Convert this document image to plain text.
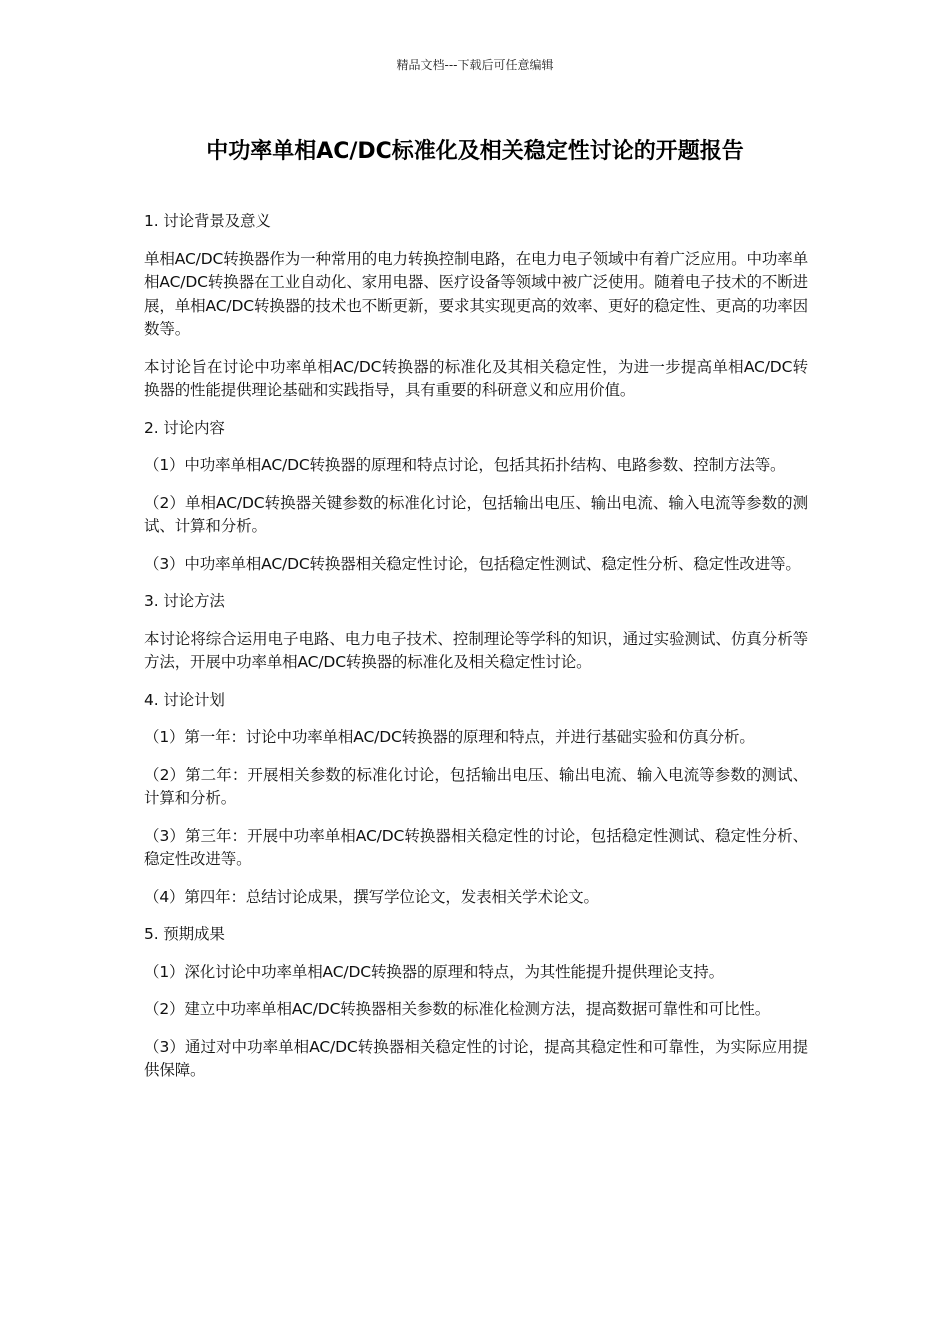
精品文档---下载后可任意编辑
中功率单相AC/DC标准化及相关稳定性讨论的开题报告

1. 讨论背景及意义

单相AC/DC转换器作为一种常用的电力转换控制电路，在电力电子领域中有着广泛应用。中功率单相AC/DC转换器在工业自动化、家用电器、医疗设备等领域中被广泛使用。随着电子技术的不断进展，单相AC/DC转换器的技术也不断更新，要求其实现更高的效率、更好的稳定性、更高的功率因数等。

本讨论旨在讨论中功率单相AC/DC转换器的标准化及其相关稳定性，为进一步提高单相AC/DC转换器的性能提供理论基础和实践指导，具有重要的科研意义和应用价值。

2. 讨论内容

（1）中功率单相AC/DC转换器的原理和特点讨论，包括其拓扑结构、电路参数、控制方法等。

（2）单相AC/DC转换器关键参数的标准化讨论，包括输出电压、输出电流、输入电流等参数的测试、计算和分析。

（3）中功率单相AC/DC转换器相关稳定性讨论，包括稳定性测试、稳定性分析、稳定性改进等。

3. 讨论方法

本讨论将综合运用电子电路、电力电子技术、控制理论等学科的知识，通过实验测试、仿真分析等方法，开展中功率单相AC/DC转换器的标准化及相关稳定性讨论。

4. 讨论计划

（1）第一年：讨论中功率单相AC/DC转换器的原理和特点，并进行基础实验和仿真分析。

（2）第二年：开展相关参数的标准化讨论，包括输出电压、输出电流、输入电流等参数的测试、计算和分析。

（3）第三年：开展中功率单相AC/DC转换器相关稳定性的讨论，包括稳定性测试、稳定性分析、稳定性改进等。

（4）第四年：总结讨论成果，撰写学位论文，发表相关学术论文。

5. 预期成果

（1）深化讨论中功率单相AC/DC转换器的原理和特点，为其性能提升提供理论支持。

（2）建立中功率单相AC/DC转换器相关参数的标准化检测方法，提高数据可靠性和可比性。

（3）通过对中功率单相AC/DC转换器相关稳定性的讨论，提高其稳定性和可靠性，为实际应用提供保障。
